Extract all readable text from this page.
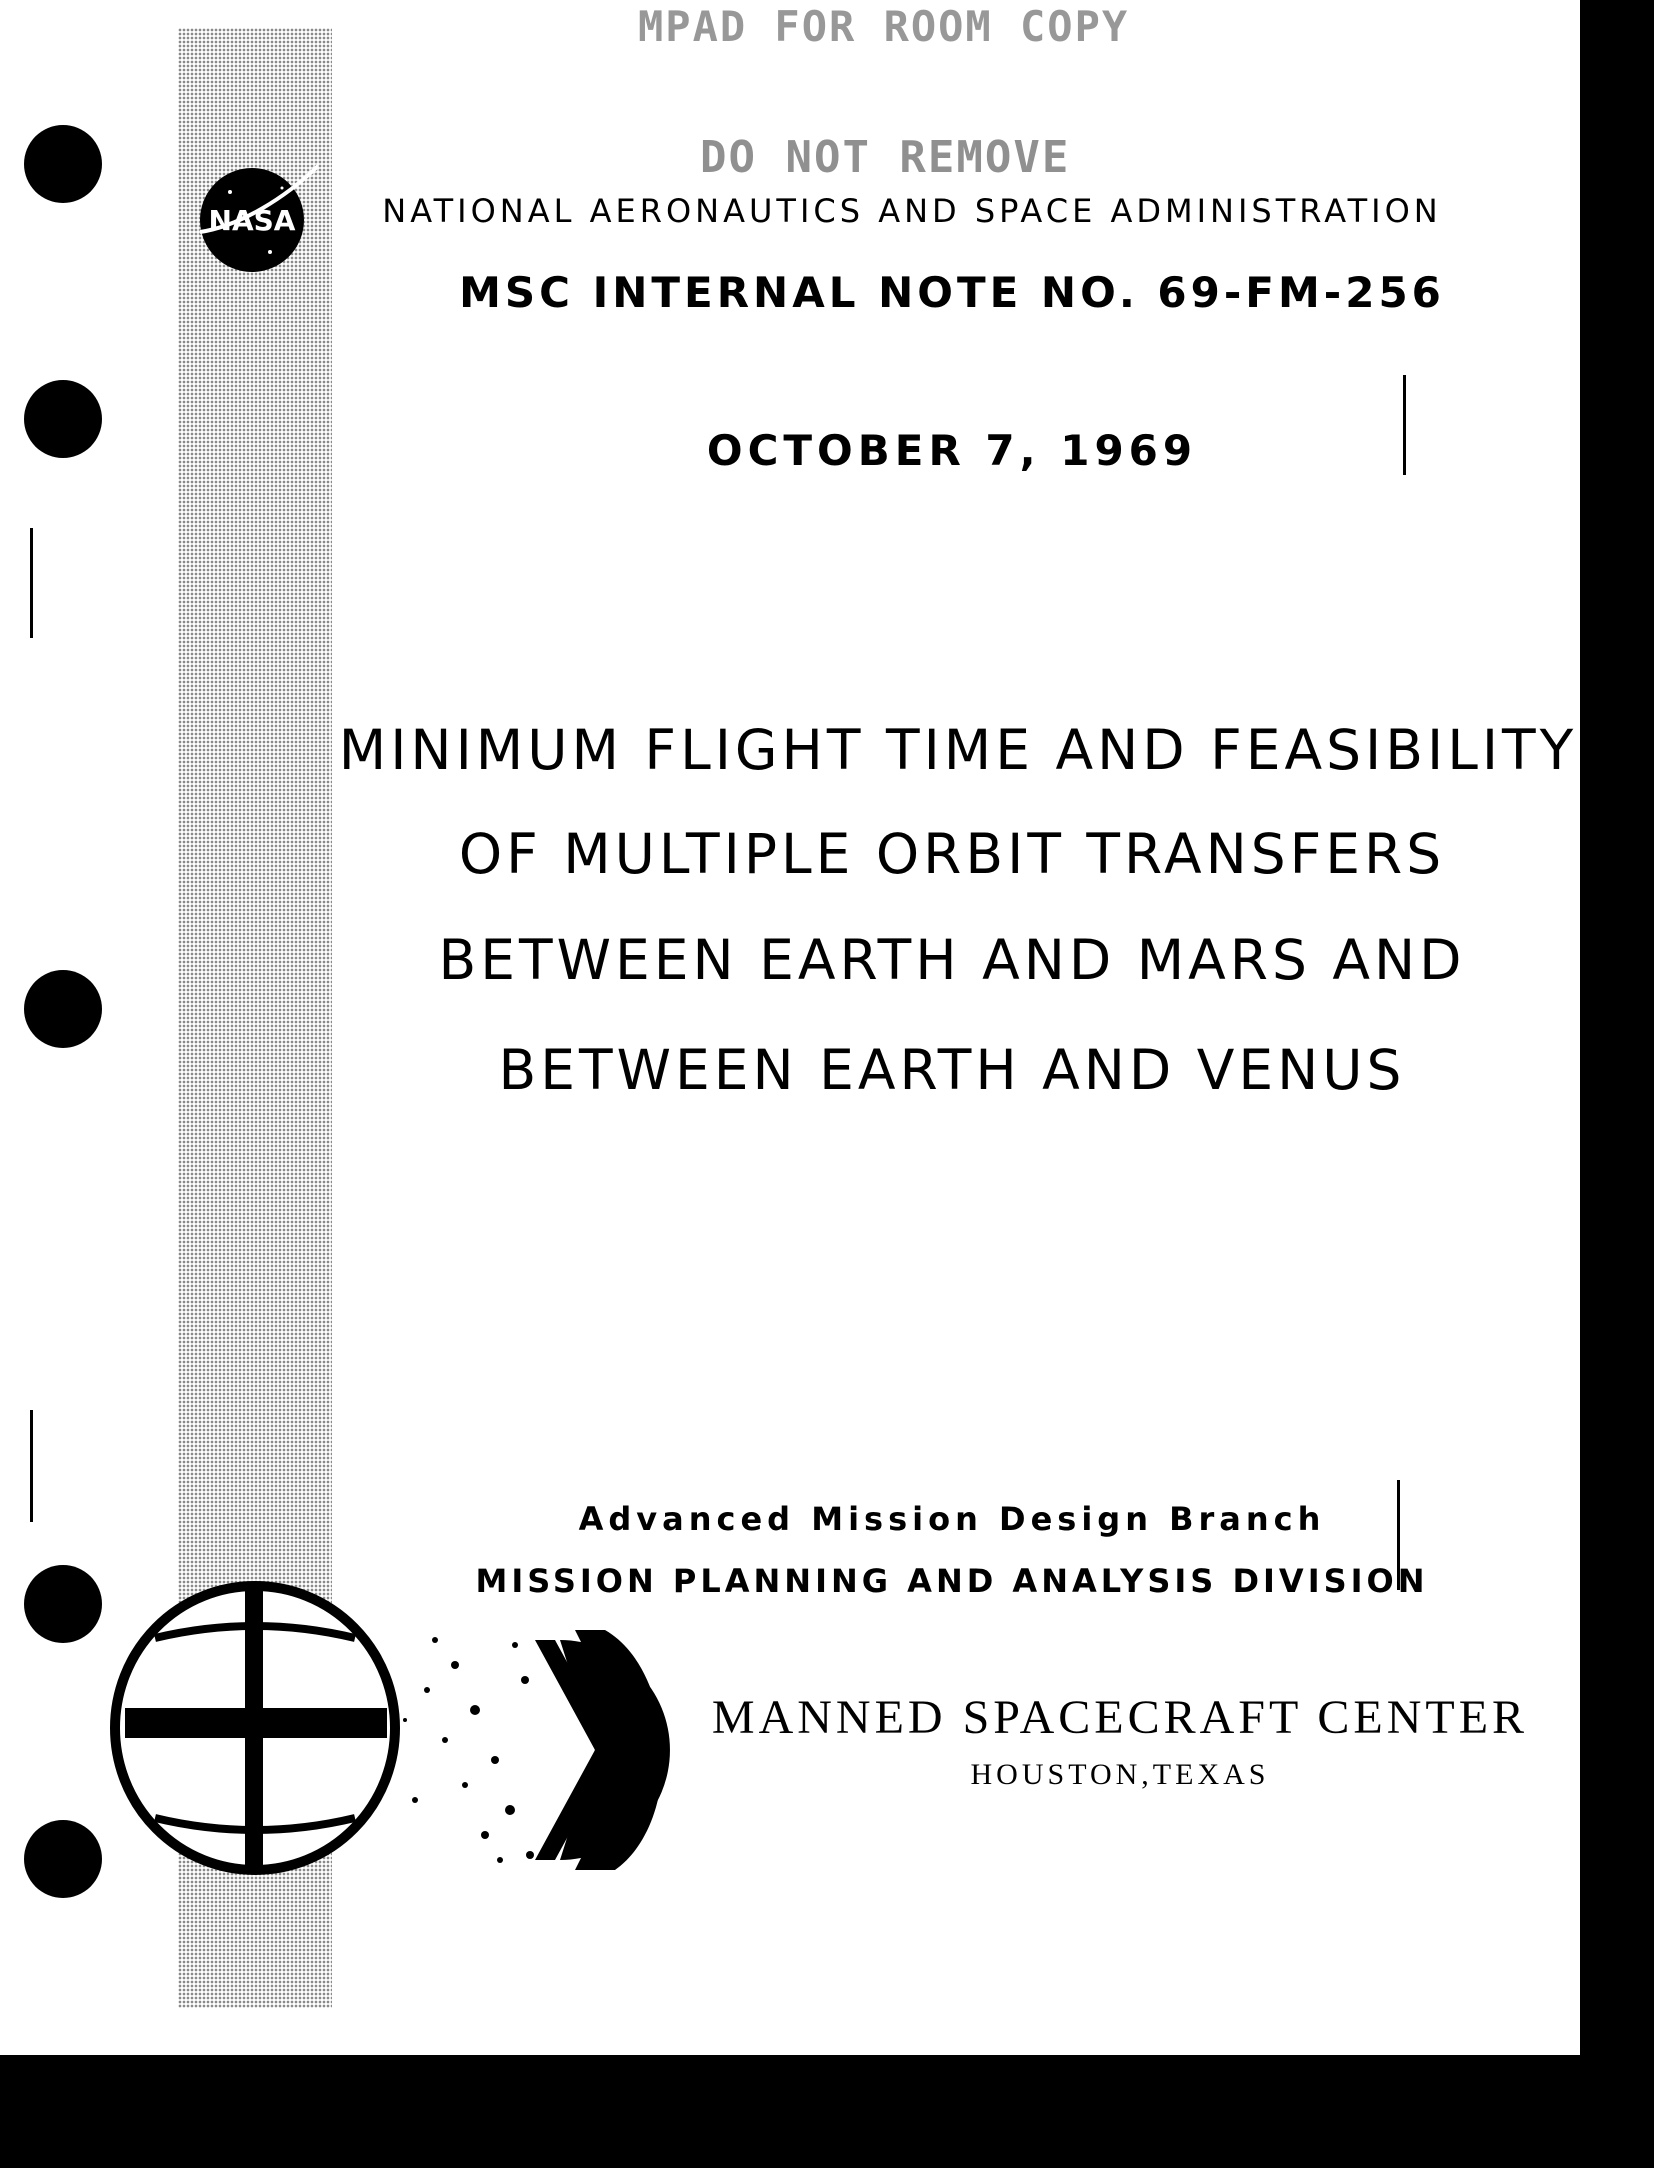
MPAD FOR ROOM COPY
DO NOT REMOVE
NASA	NATIONAL AERONAUTICS AND SPACE ADMINISTRATION
MSC INTERNAL NOTE NO. 69-FM-256
OCTOBER 7, 1969
MINIMUM FLIGHT TIME AND FEASIBILITY
OF MULTIPLE ORBIT TRANSFERS
BETWEEN EARTH AND MARS AND
BETWEEN EARTH AND VENUS
Advanced Mission Design Branch
MISSION PLANNING AND ANALYSIS DIVISION
MANNED SPACECRAFT CENTER
HOUSTON,TEXAS
